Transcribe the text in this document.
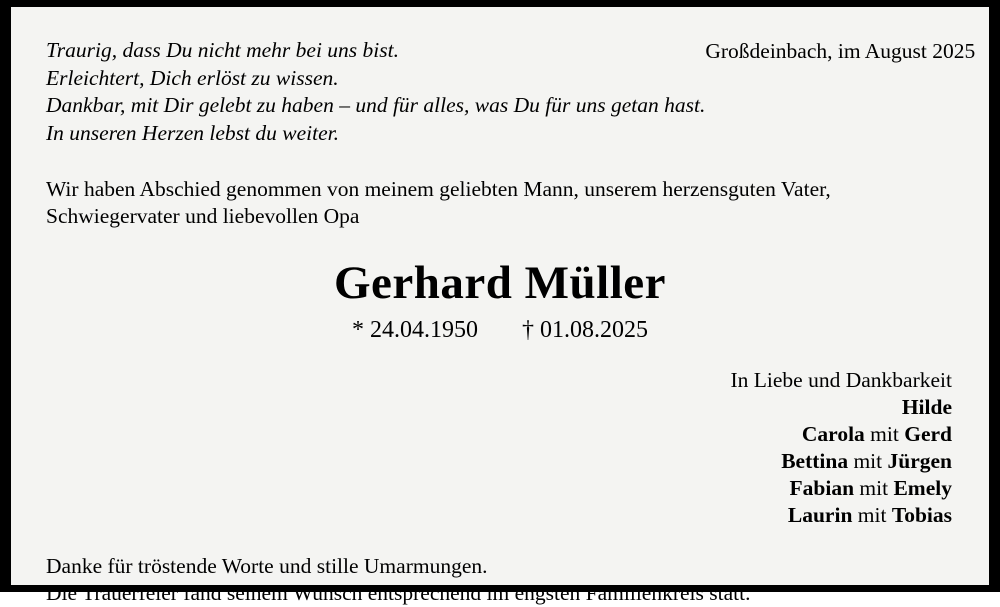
Traurig, dass Du nicht mehr bei uns bist.
Erleichtert, Dich erlöst zu wissen.
Dankbar, mit Dir gelebt zu haben – und für alles, was Du für uns getan hast.
In unseren Herzen lebst du weiter.
Großdeinbach, im August 2025
Wir haben Abschied genommen von meinem geliebten Mann, unserem herzensguten Vater,
Schwiegervater und liebevollen Opa
Gerhard Müller
* 24.04.1950 † 01.08.2025
In Liebe und Dankbarkeit
Hilde
Carola mit Gerd
Bettina mit Jürgen
Fabian mit Emely
Laurin mit Tobias
Danke für tröstende Worte und stille Umarmungen.
Die Trauerfeier fand seinem Wunsch entsprechend im engsten Familienkreis statt.
